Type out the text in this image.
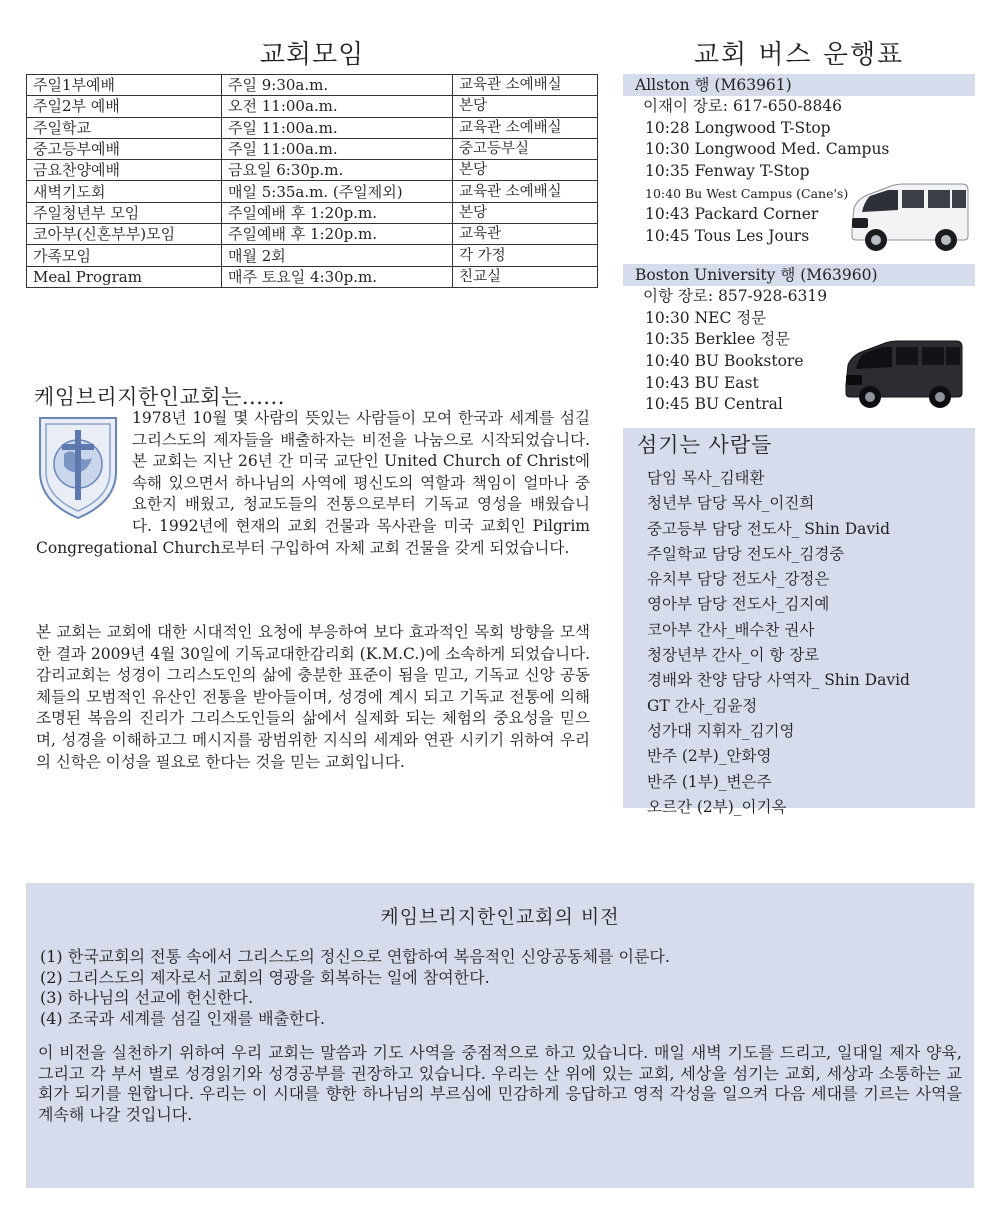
교회모임
주일1부예배	주일 9:30a.m.	교육관 소예배실
주일2부 예배	오전 11:00a.m.	본당
주일학교	주일 11:00a.m.	교육관 소예배실
중고등부예배	주일 11:00a.m.	중고등부실
금요찬양예배	금요일 6:30p.m.	본당
새벽기도회	매일 5:35a.m. (주일제외)	교육관 소예배실
주일청년부 모임	주일예배 후 1:20p.m.	본당
코아부(신혼부부)모임	주일예배 후 1:20p.m.	교육관
가족모임	매월 2회	각 가정
Meal Program	매주 토요일 4:30p.m.	친교실
교회 버스 운행표
Allston 행 (M63961)
이재이 장로: 617-650-8846
10:28 Longwood T-Stop
10:30 Longwood Med. Campus
10:35 Fenway T-Stop
10:40 Bu West Campus (Cane's)
10:43 Packard Corner
10:45 Tous Les Jours
Boston University 행 (M63960)
이항 장로: 857-928-6319
10:30 NEC 정문
10:35 Berklee 정문
10:40 BU Bookstore
10:43 BU East
10:45 BU Central
섬기는 사람들
담임 목사_김태환
청년부 담당 목사_이진희
중고등부 담당 전도사_ Shin David
주일학교 담당 전도사_김경중
유치부 담당 전도사_강정은
영아부 담당 전도사_김지예
코아부 간사_배수찬 권사
청장년부 간사_이 항 장로
경배와 찬양 담당 사역자_ Shin David
GT 간사_김윤정
성가대 지휘자_김기영
반주 (2부)_안화영
반주 (1부)_변은주
오르간 (2부)_이기옥
케임브리지한인교회는......
1978년 10월 몇 사람의 뜻있는 사람들이 모여 한국과 세계를 섬길 그리스도의 제자들을 배출하자는 비전을 나눔으로 시작되었습니다. 본 교회는 지난 26년 간 미국 교단인 United Church of Christ에 속해 있으면서 하나님의 사역에 평신도의 역할과 책임이 얼마나 중요한지 배웠고, 청교도들의 전통으로부터 기독교 영성을 배웠습니다. 1992년에 현재의 교회 건물과 목사관을 미국 교회인 Pilgrim Congregational Church로부터 구입하여 자체 교회 건물을 갖게 되었습니다.
본 교회는 교회에 대한 시대적인 요청에 부응하여 보다 효과적인 목회 방향을 모색한 결과 2009년 4월 30일에 기독교대한감리회 (K.M.C.)에 소속하게 되었습니다. 감리교회는 성경이 그리스도인의 삶에 충분한 표준이 됨을 믿고, 기독교 신앙 공동체들의 모범적인 유산인 전통을 받아들이며, 성경에 계시 되고 기독교 전통에 의해 조명된 복음의 진리가 그리스도인들의 삶에서 실제화 되는 체험의 중요성을 믿으며, 성경을 이해하고그 메시지를 광범위한 지식의 세계와 연관 시키기 위하여 우리의 신학은 이성을 필요로 한다는 것을 믿는 교회입니다.
케임브리지한인교회의 비전
(1) 한국교회의 전통 속에서 그리스도의 정신으로 연합하여 복음적인 신앙공동체를 이룬다.
(2) 그리스도의 제자로서 교회의 영광을 회복하는 일에 참여한다.
(3) 하나님의 선교에 헌신한다.
(4) 조국과 세계를 섬길 인재를 배출한다.
이 비전을 실천하기 위하여 우리 교회는 말씀과 기도 사역을 중점적으로 하고 있습니다. 매일 새벽 기도를 드리고, 일대일 제자 양육, 그리고 각 부서 별로 성경읽기와 성경공부를 권장하고 있습니다. 우리는 산 위에 있는 교회, 세상을 섬기는 교회, 세상과 소통하는 교회가 되기를 원합니다. 우리는 이 시대를 향한 하나님의 부르심에 민감하게 응답하고 영적 각성을 일으켜 다음 세대를 기르는 사역을 계속해 나갈 것입니다.
